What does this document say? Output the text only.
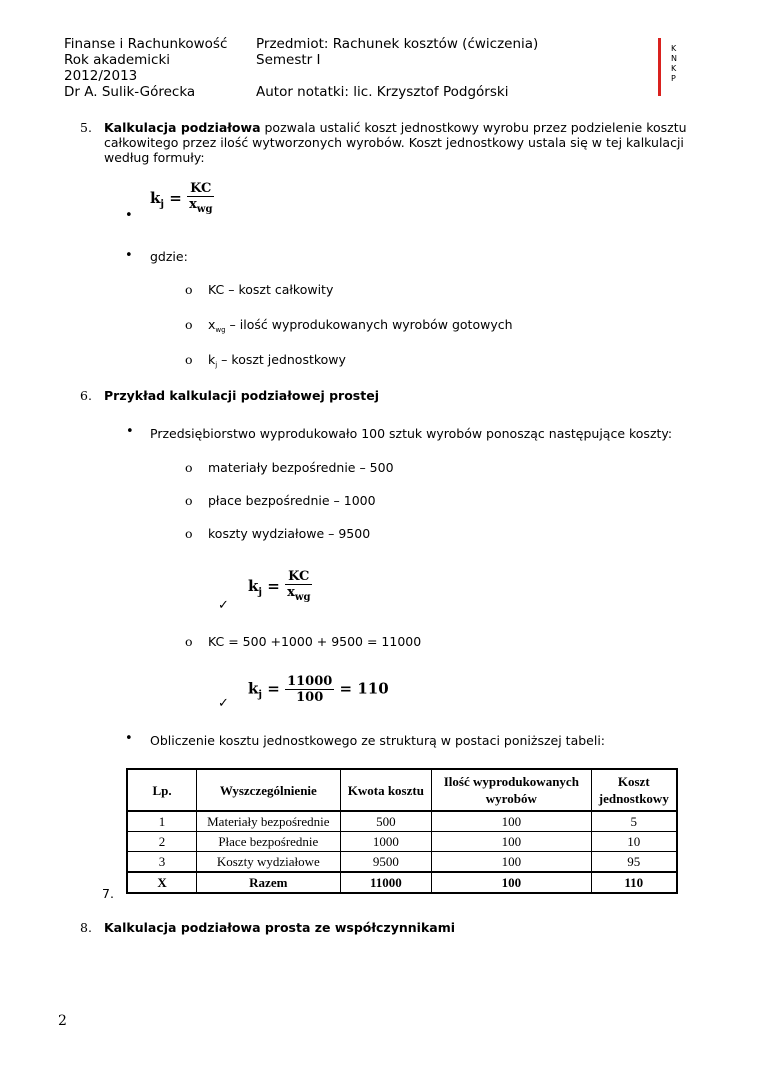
Finanse i Rachunkowość
Rok akademicki
2012/2013
Dr A. Sulik-Górecka
Przedmiot: Rachunek kosztów (ćwiczenia)
Semestr I

Autor notatki: lic. Krzysztof Podgórski
K
N
K
P
5. Kalkulacja podziałowa pozwala ustalić koszt jednostkowy wyrobu przez podzielenie kosztu
całkowitego przez ilość wytworzonych wyrobów. Koszt jednostkowy ustala się w tej kalkulacji
według formuły:
•
$k_j = \frac{KC}{x_{wg}}$
• gdzie:
o KC – koszt całkowity
o $x_{wg}$ – ilość wyprodukowanych wyrobów gotowych
o $k_j$ – koszt jednostkowy
6. Przykład kalkulacji podziałowej prostej
• Przedsiębiorstwo wyprodukowało 100 sztuk wyrobów ponosząc następujące koszty:
o materiały bezpośrednie – 500
o płace bezpośrednie – 1000
o koszty wydziałowe – 9500
✓
$k_j = \frac{KC}{x_{wg}}$
o KC = 500 +1000 + 9500 = 11000
✓
$k_j = \frac{11000}{100} = 110$
• Obliczenie kosztu jednostkowego ze strukturą w postaci poniższej tabeli:
Lp.	Wyszczególnienie	Kwota kosztu	Ilość wyprodukowanych wyrobów	Koszt jednostkowy
1	Materiały bezpośrednie	500	100	5
2	Płace bezpośrednie	1000	100	10
3	Koszty wydziałowe	9500	100	95
X	Razem	11000	100	110
7.
8. Kalkulacja podziałowa prosta ze współczynnikami
2
